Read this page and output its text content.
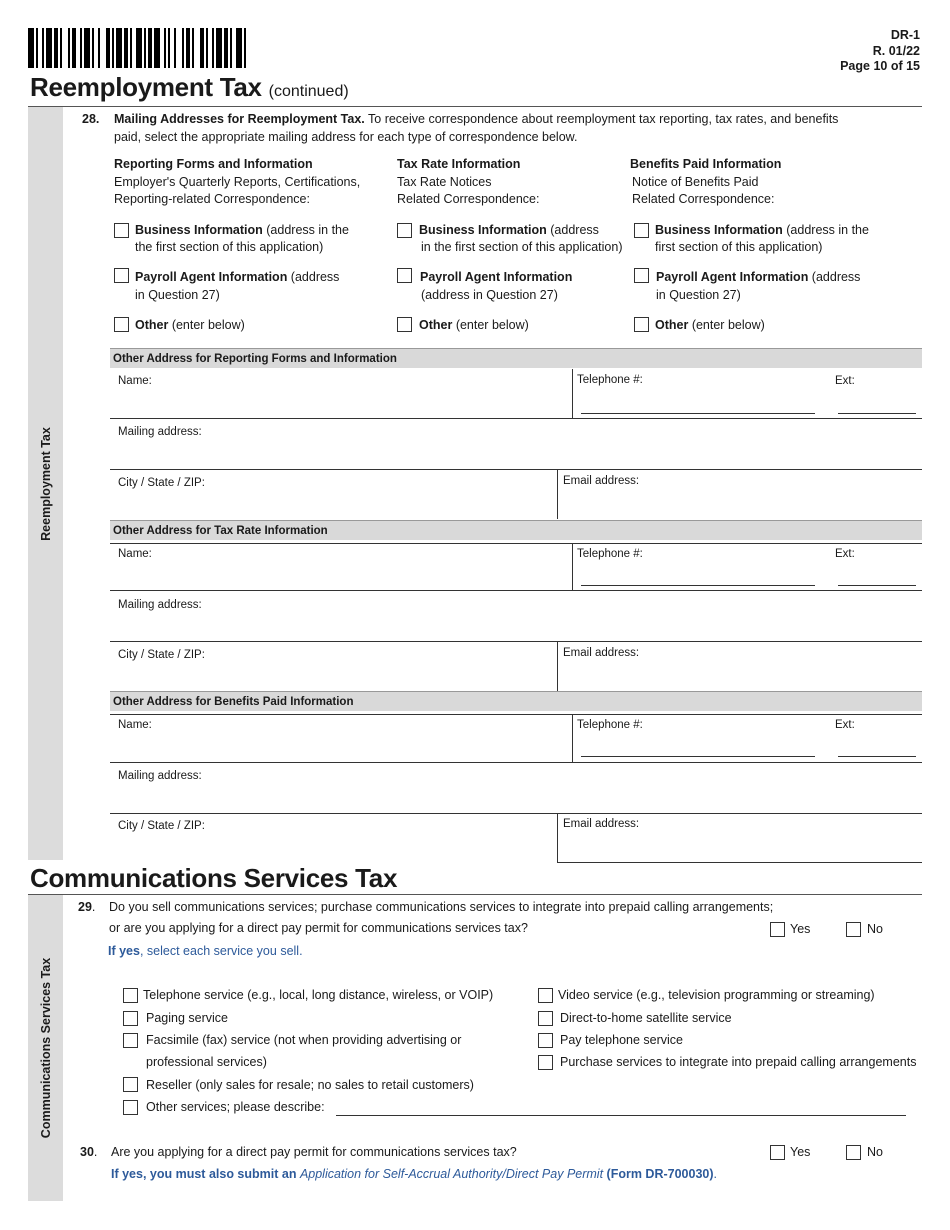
DR-1
R. 01/22
Page 10 of 15
Reemployment Tax (continued)
Reemployment Tax
28. Mailing Addresses for Reemployment Tax. To receive correspondence about reemployment tax reporting, tax rates, and benefits
paid, select the appropriate mailing address for each type of correspondence below.
Reporting Forms and Information
Employer's Quarterly Reports, Certifications,
Reporting-related Correspondence:
Business Information (address in the
the first section of this application)
Payroll Agent Information (address
in Question 27)
Other (enter below)
Tax Rate Information
Tax Rate Notices
Related Correspondence:
Business Information (address
in the first section of this application)
Payroll Agent Information
(address in Question 27)
Other (enter below)
Benefits Paid Information
Notice of Benefits Paid
Related Correspondence:
Business Information (address in the
first section of this application)
Payroll Agent Information (address
in Question 27)
Other (enter below)
Other Address for Reporting Forms and Information
Name:	Telephone #:	Ext:
Mailing address:
City / State / ZIP:	Email address:
Other Address for Tax Rate Information
Name:	Telephone #:	Ext:
Mailing address:
City / State / ZIP:	Email address:
Other Address for Benefits Paid Information
Name:	Telephone #:	Ext:
Mailing address:
City / State / ZIP:	Email address:
Communications Services Tax
Communications Services Tax
29. Do you sell communications services; purchase communications services to integrate into prepaid calling arrangements;
or are you applying for a direct pay permit for communications services tax?	Yes	No
If yes, select each service you sell.
Telephone service (e.g., local, long distance, wireless, or VOIP)
Paging service
Facsimile (fax) service (not when providing advertising or
professional services)
Reseller (only sales for resale; no sales to retail customers)
Other services; please describe:
Video service (e.g., television programming or streaming)
Direct-to-home satellite service
Pay telephone service
Purchase services to integrate into prepaid calling arrangements
30. Are you applying for a direct pay permit for communications services tax?	Yes	No
If yes, you must also submit an Application for Self-Accrual Authority/Direct Pay Permit (Form DR-700030).
